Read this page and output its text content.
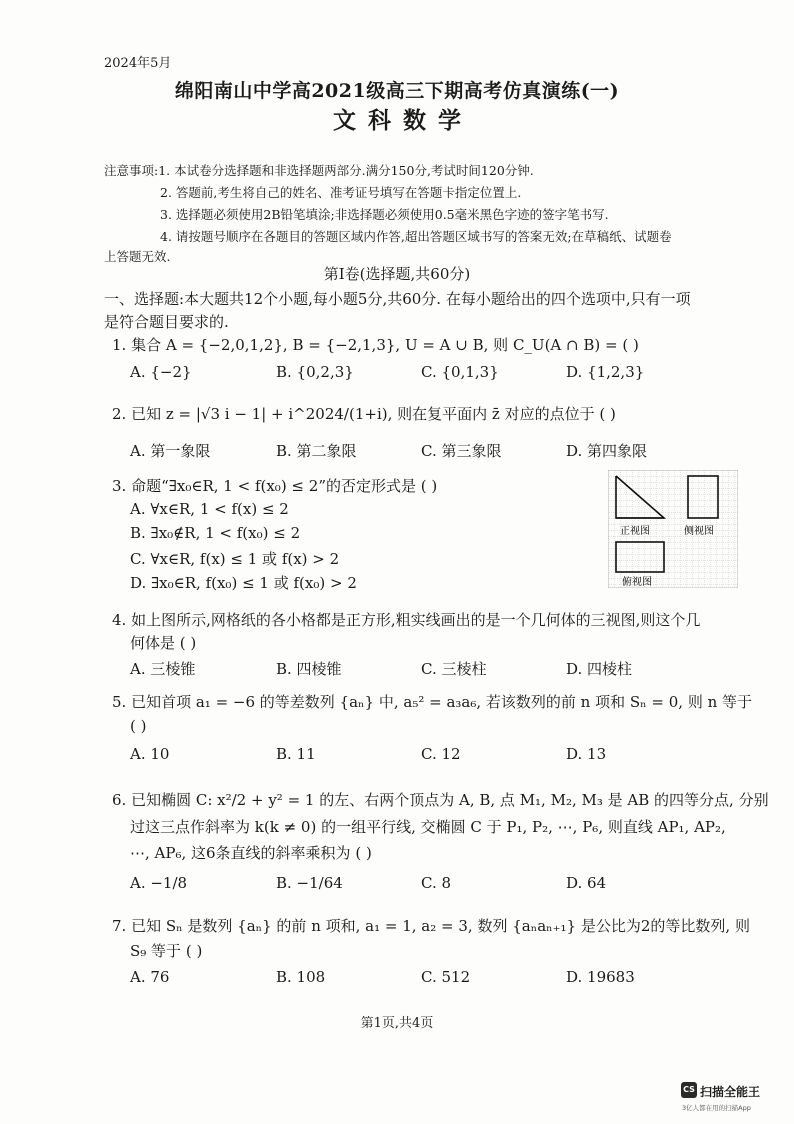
2024年5月
绵阳南山中学高2021级高三下期高考仿真演练(一)
文科数学
注意事项:1. 本试卷分选择题和非选择题两部分.满分150分,考试时间120分钟.
2. 答题前,考生将自己的姓名、准考证号填写在答题卡指定位置上.
3. 选择题必须使用2B铅笔填涂;非选择题必须使用0.5毫米黑色字迹的签字笔书写.
4. 请按题号顺序在各题目的答题区域内作答,超出答题区域书写的答案无效;在草稿纸、试题卷
上答题无效.
第Ⅰ卷(选择题,共60分)
一、选择题:本大题共12个小题,每小题5分,共60分. 在每小题给出的四个选项中,只有一项
是符合题目要求的.
1. 集合 A = {−2,0,1,2}, B = {−2,1,3}, U = A ∪ B, 则 C_U(A ∩ B) = ( )
A. {−2}	B. {0,2,3}	C. {0,1,3}	D. {1,2,3}
2. 已知 z = |√3 i − 1| + i^2024/(1+i), 则在复平面内 z̄ 对应的点位于 ( )
A. 第一象限	B. 第二象限	C. 第三象限	D. 第四象限
3. 命题“∃x₀∈R, 1 < f(x₀) ≤ 2”的否定形式是 ( )
A. ∀x∈R, 1 < f(x) ≤ 2
B. ∃x₀∉R, 1 < f(x₀) ≤ 2
C. ∀x∈R, f(x) ≤ 1 或 f(x) > 2
D. ∃x₀∈R, f(x₀) ≤ 1 或 f(x₀) > 2
正视图	侧视图
俯视图
4. 如上图所示,网格纸的各小格都是正方形,粗实线画出的是一个几何体的三视图,则这个几
何体是 ( )
A. 三棱锥	B. 四棱锥	C. 三棱柱	D. 四棱柱
5. 已知首项 a₁ = −6 的等差数列 {aₙ} 中, a₅² = a₃a₆, 若该数列的前 n 项和 Sₙ = 0, 则 n 等于
( )
A. 10	B. 11	C. 12	D. 13
6. 已知椭圆 C: x²/2 + y² = 1 的左、右两个顶点为 A, B, 点 M₁, M₂, M₃ 是 AB 的四等分点, 分别
过这三点作斜率为 k(k ≠ 0) 的一组平行线, 交椭圆 C 于 P₁, P₂, ⋯, P₆, 则直线 AP₁, AP₂,
⋯, AP₆, 这6条直线的斜率乘积为 ( )
A. −1/8	B. −1/64	C. 8	D. 64
7. 已知 Sₙ 是数列 {aₙ} 的前 n 项和, a₁ = 1, a₂ = 3, 数列 {aₙaₙ₊₁} 是公比为2的等比数列, 则
S₉ 等于 ( )
A. 76	B. 108	C. 512	D. 19683
第1页,共4页
CS 扫描全能王
3亿人都在用的扫描App
